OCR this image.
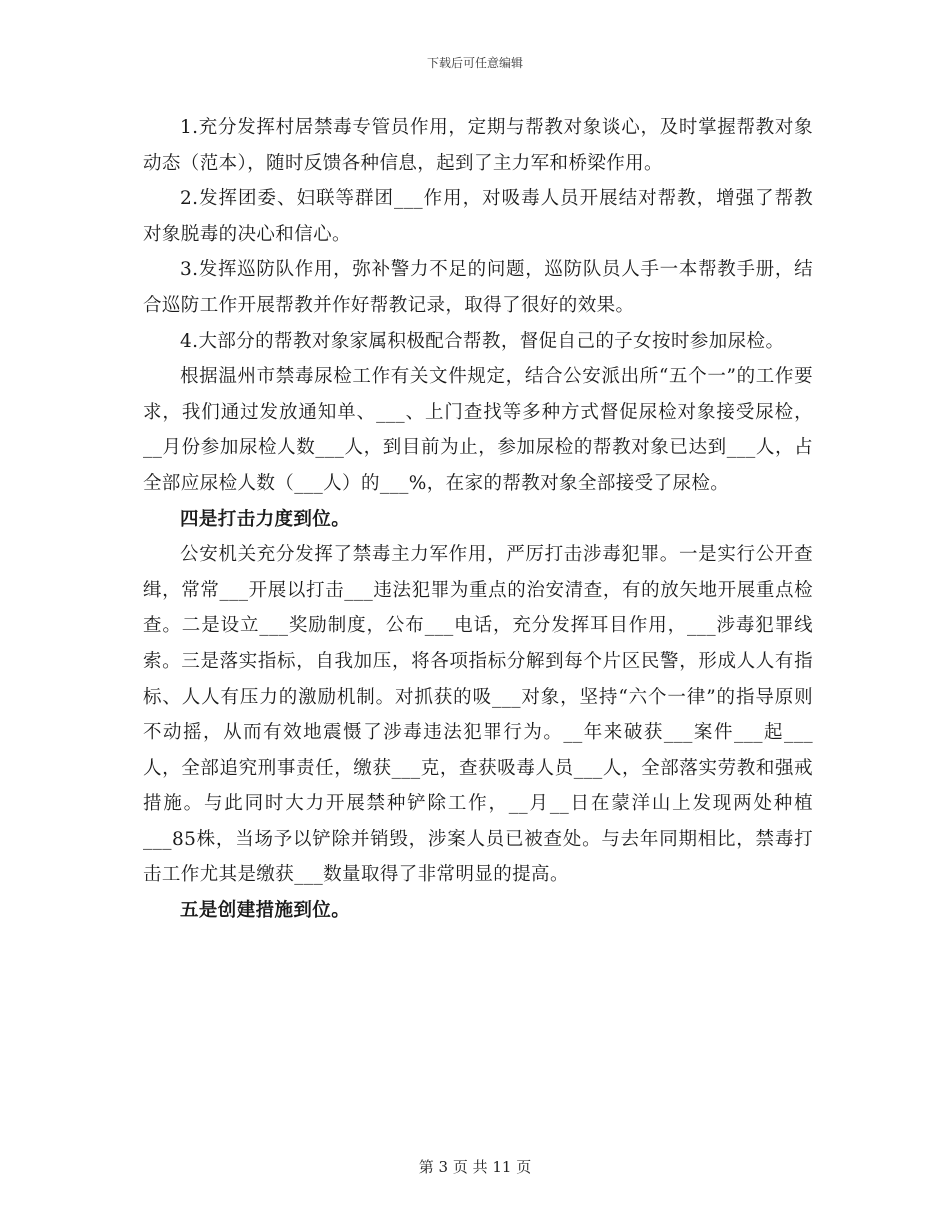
下载后可任意编辑

1.充分发挥村居禁毒专管员作用，定期与帮教对象谈心，及时掌握帮教对象动态（范本），随时反馈各种信息，起到了主力军和桥梁作用。

2.发挥团委、妇联等群团___作用，对吸毒人员开展结对帮教，增强了帮教对象脱毒的决心和信心。

3.发挥巡防队作用，弥补警力不足的问题，巡防队员人手一本帮教手册，结合巡防工作开展帮教并作好帮教记录，取得了很好的效果。

4.大部分的帮教对象家属积极配合帮教，督促自己的子女按时参加尿检。

根据温州市禁毒尿检工作有关文件规定，结合公安派出所“五个一”的工作要求，我们通过发放通知单、___、上门查找等多种方式督促尿检对象接受尿检，__月份参加尿检人数___人，到目前为止，参加尿检的帮教对象已达到___人，占全部应尿检人数（___人）的___%，在家的帮教对象全部接受了尿检。

四是打击力度到位。

公安机关充分发挥了禁毒主力军作用，严厉打击涉毒犯罪。一是实行公开查缉，常常___开展以打击___违法犯罪为重点的治安清查，有的放矢地开展重点检查。二是设立___奖励制度，公布___电话，充分发挥耳目作用，___涉毒犯罪线索。三是落实指标，自我加压，将各项指标分解到每个片区民警，形成人人有指标、人人有压力的激励机制。对抓获的吸___对象，坚持“六个一律”的指导原则不动摇，从而有效地震慑了涉毒违法犯罪行为。__年来破获___案件___起___人，全部追究刑事责任，缴获___克，查获吸毒人员___人，全部落实劳教和强戒措施。与此同时大力开展禁种铲除工作，__月__日在蒙洋山上发现两处种植___85株，当场予以铲除并销毁，涉案人员已被查处。与去年同期相比，禁毒打击工作尤其是缴获___数量取得了非常明显的提高。

五是创建措施到位。

第 3 页 共 11 页
